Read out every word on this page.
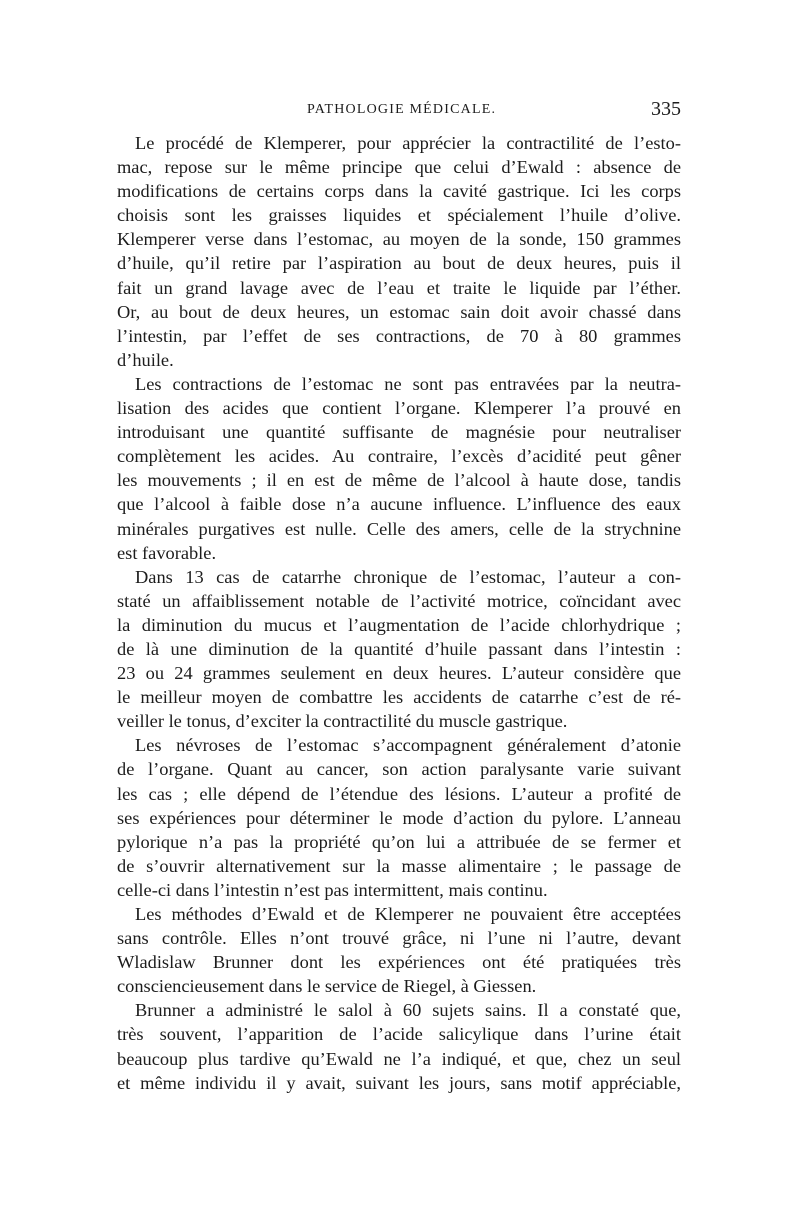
PATHOLOGIE MÉDICALE.	335

Le procédé de Klemperer, pour apprécier la contractilité de l’esto-
mac, repose sur le même principe que celui d’Ewald : absence de
modifications de certains corps dans la cavité gastrique. Ici les corps
choisis sont les graisses liquides et spécialement l’huile d’olive.
Klemperer verse dans l’estomac, au moyen de la sonde, 150 grammes
d’huile, qu’il retire par l’aspiration au bout de deux heures, puis il
fait un grand lavage avec de l’eau et traite le liquide par l’éther.
Or, au bout de deux heures, un estomac sain doit avoir chassé dans
l’intestin, par l’effet de ses contractions, de 70 à 80 grammes
d’huile.

Les contractions de l’estomac ne sont pas entravées par la neutra-
lisation des acides que contient l’organe. Klemperer l’a prouvé en
introduisant une quantité suffisante de magnésie pour neutraliser
complètement les acides. Au contraire, l’excès d’acidité peut gêner
les mouvements ; il en est de même de l’alcool à haute dose, tandis
que l’alcool à faible dose n’a aucune influence. L’influence des eaux
minérales purgatives est nulle. Celle des amers, celle de la strychnine
est favorable.

Dans 13 cas de catarrhe chronique de l’estomac, l’auteur a con-
staté un affaiblissement notable de l’activité motrice, coïncidant avec
la diminution du mucus et l’augmentation de l’acide chlorhydrique ;
de là une diminution de la quantité d’huile passant dans l’intestin :
23 ou 24 grammes seulement en deux heures. L’auteur considère que
le meilleur moyen de combattre les accidents de catarrhe c’est de ré-
veiller le tonus, d’exciter la contractilité du muscle gastrique.

Les névroses de l’estomac s’accompagnent généralement d’atonie
de l’organe. Quant au cancer, son action paralysante varie suivant
les cas ; elle dépend de l’étendue des lésions. L’auteur a profité de
ses expériences pour déterminer le mode d’action du pylore. L’anneau
pylorique n’a pas la propriété qu’on lui a attribuée de se fermer et
de s’ouvrir alternativement sur la masse alimentaire ; le passage de
celle-ci dans l’intestin n’est pas intermittent, mais continu.

Les méthodes d’Ewald et de Klemperer ne pouvaient être acceptées
sans contrôle. Elles n’ont trouvé grâce, ni l’une ni l’autre, devant
Wladislaw Brunner dont les expériences ont été pratiquées très
consciencieusement dans le service de Riegel, à Giessen.

Brunner a administré le salol à 60 sujets sains. Il a constaté que,
très souvent, l’apparition de l’acide salicylique dans l’urine était
beaucoup plus tardive qu’Ewald ne l’a indiqué, et que, chez un seul
et même individu il y avait, suivant les jours, sans motif appréciable,
